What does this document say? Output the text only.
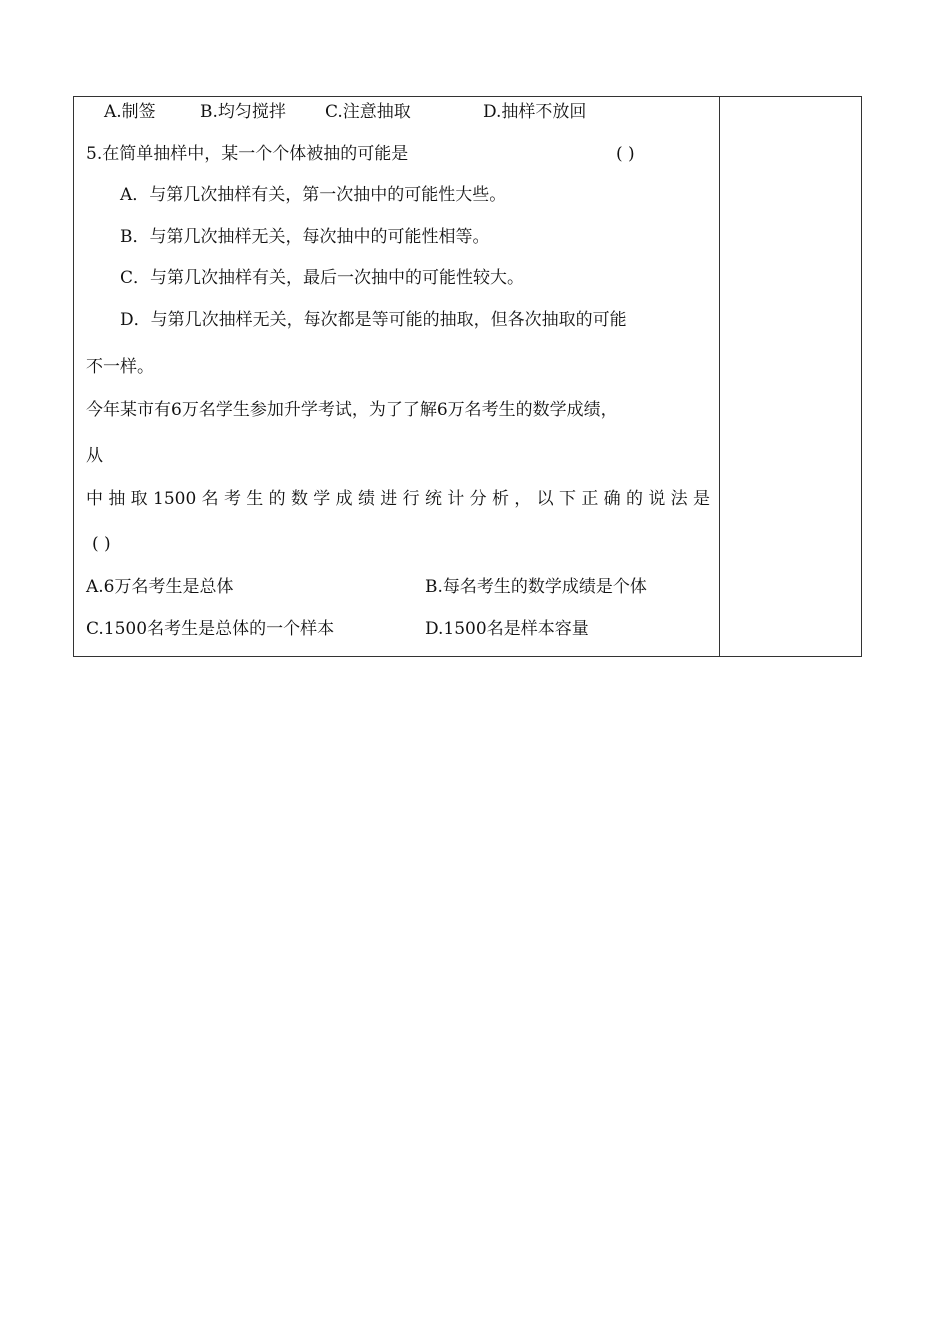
A.制签	B.均匀搅拌 C.注意抽取	D.抽样不放回
5.在简单抽样中，某一个个体被抽的可能是	( )
A．与第几次抽样有关，第一次抽中的可能性大些。
B．与第几次抽样无关，每次抽中的可能性相等。
C．与第几次抽样有关，最后一次抽中的可能性较大。
D．与第几次抽样无关，每次都是等可能的抽取，但各次抽取的可能
不一样。
今年某市有6万名学生参加升学考试，为了了解6万名考生的数学成绩，
从
中抽取1500名考生的数学成绩进行统计分析，以下正确的说法是
( )
A.6万名考生是总体	B.每名考生的数学成绩是个体
C.1500名考生是总体的一个样本	D.1500名是样本容量
